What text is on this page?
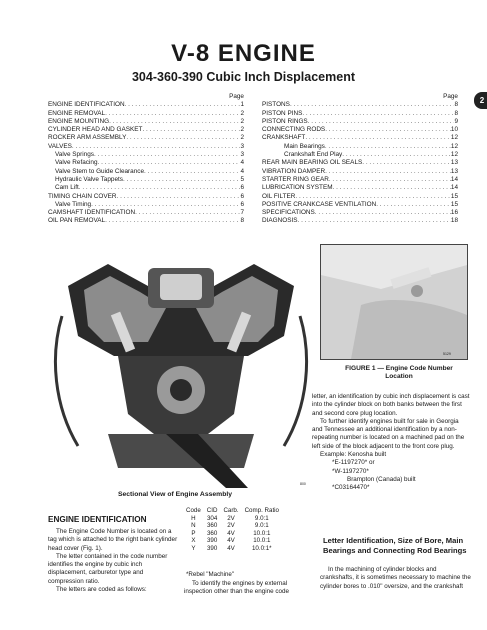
V-8 ENGINE
304-360-390 Cubic Inch Displacement
2
Page
ENGINE IDENTIFICATION . . .	1
ENGINE REMOVAL . . .	2
ENGINE MOUNTING . . .	2
CYLINDER HEAD AND GASKET . . .	2
ROCKER ARM ASSEMBLY . . .	2
VALVES . . .	3
Valve Springs . . .	3
Valve Refacing . . .	4
Valve Stem to Guide Clearance . . .	4
Hydraulic Valve Tappets . . .	5
Cam Lift . . .	6
TIMING CHAIN COVER . . .	6
Valve Timing . . .	6
CAMSHAFT IDENTIFICATION . . .	7
OIL PAN REMOVAL . . .	8
Page
PISTONS . . .	8
PISTON PINS . . .	8
PISTON RINGS . . .	9
CONNECTING RODS . . .	10
CRANKSHAFT . . .	12
Main Bearings . . .	12
Crankshaft End Play . . .	12
REAR MAIN BEARING OIL SEALS . . .	13
VIBRATION DAMPER . . .	13
STARTER RING GEAR . . .	14
LUBRICATION SYSTEM . . .	14
OIL FILTER . . .	15
POSITIVE CRANKCASE VENTILATION . . .	15
SPECIFICATIONS . . .	16
DIAGNOSIS . . .	18
800
Sectional View of Engine Assembly
5129
FIGURE 1 — Engine Code Number Location
ENGINE IDENTIFICATION

The Engine Code Number is located on a tag which is attached to the right bank cylinder head cover (Fig. 1).

The letter contained in the code number identifies the engine by cubic inch displacement, carburetor type and compression ratio.

The letters are coded as follows:

Code	CID	Carb.	Comp. Ratio
H	304	2V	9.0:1
N	360	2V	9.0:1
P	360	4V	10.0:1
X	390	4V	10.0:1
Y	390	4V	10.0:1*
*Rebel "Machine"

To identify the engines by external inspection other than the engine code

letter, an identification by cubic inch displacement is cast into the cylinder block on both banks between the first and second core plug location.

To further identify engines built for sale in Georgia and Tennessee an additional identification by a non-repeating number is located on a machined pad on the left side of the block adjacent to the front core plug.

Example: Kenosha built

*E-1197270* or

*W-1197270*

Brampton (Canada) built

*C03164470*

Letter Identification, Size of Bore, Main Bearings and Connecting Rod Bearings

In the machining of cylinder blocks and crankshafts, it is sometimes necessary to machine the cylinder bores to .010" oversize, and the crankshaft
